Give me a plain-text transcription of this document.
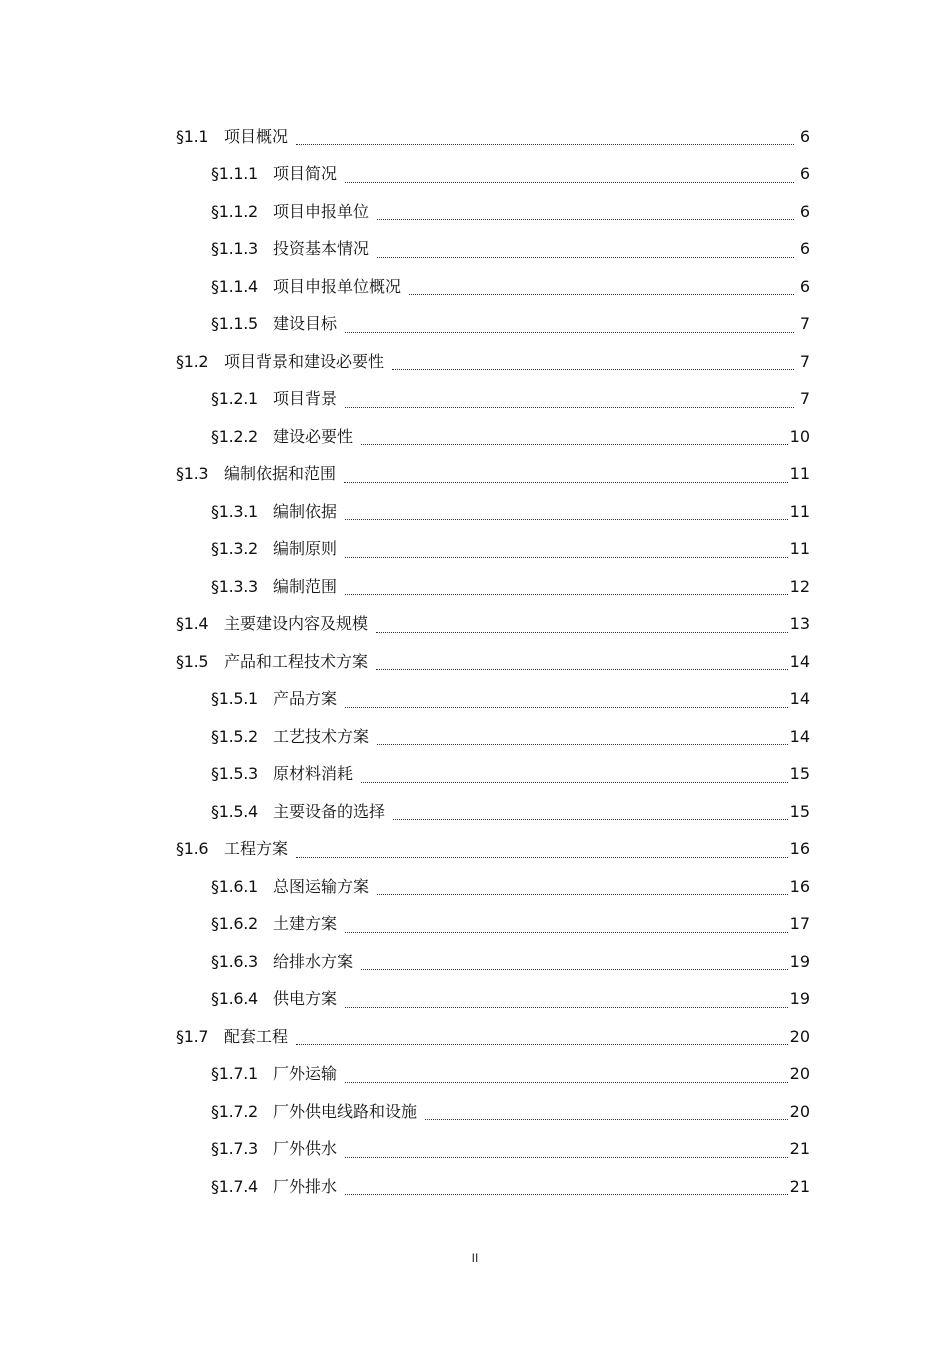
§1.1 项目概况	6
§1.1.1 项目简况	6
§1.1.2 项目申报单位	6
§1.1.3 投资基本情况	6
§1.1.4 项目申报单位概况	6
§1.1.5 建设目标	7
§1.2 项目背景和建设必要性	7
§1.2.1 项目背景	7
§1.2.2 建设必要性	10
§1.3 编制依据和范围	11
§1.3.1 编制依据	11
§1.3.2 编制原则	11
§1.3.3 编制范围	12
§1.4 主要建设内容及规模	13
§1.5 产品和工程技术方案	14
§1.5.1 产品方案	14
§1.5.2 工艺技术方案	14
§1.5.3 原材料消耗	15
§1.5.4 主要设备的选择	15
§1.6 工程方案	16
§1.6.1 总图运输方案	16
§1.6.2 土建方案	17
§1.6.3 给排水方案	19
§1.6.4 供电方案	19
§1.7 配套工程	20
§1.7.1 厂外运输	20
§1.7.2 厂外供电线路和设施	20
§1.7.3 厂外供水	21
§1.7.4 厂外排水	21
II
